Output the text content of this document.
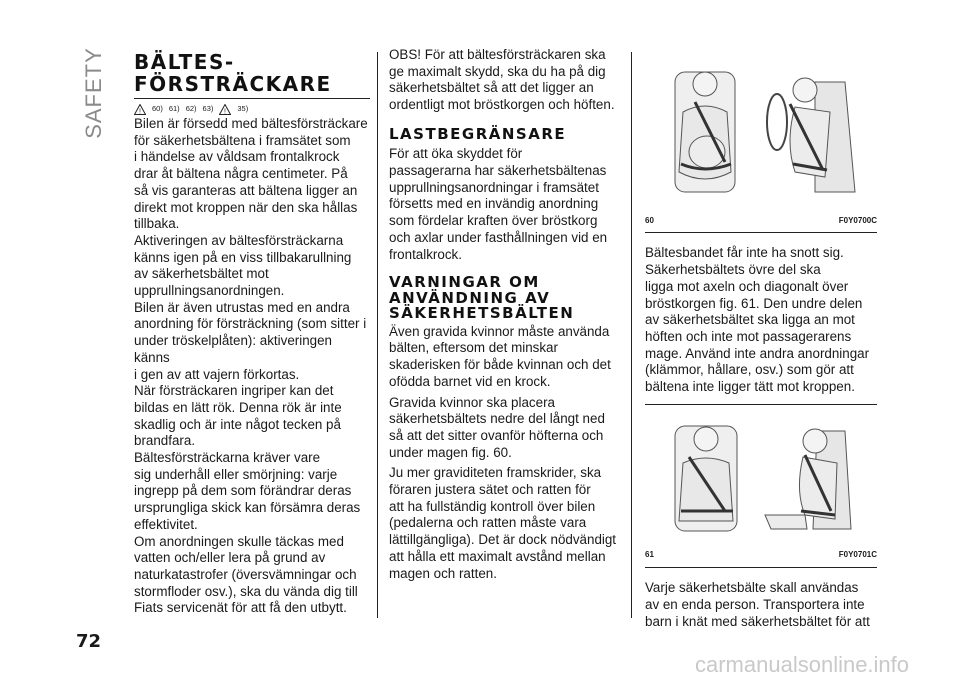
SAFETY BÄLTES-
FÖRSTRÄCKARE
! 60) 61) 62) 63) ! 35)
Bilen är försedd med bältesförsträckare
för säkerhetsbältena i framsätet som
i händelse av våldsam frontalkrock
drar åt bältena några centimeter. På
så vis garanteras att bältena ligger an
direkt mot kroppen när den ska hållas
tillbaka.
Aktiveringen av bältesförsträckarna
känns igen på en viss tillbakarullning
av säkerhetsbältet mot
upprullningsanordningen.
Bilen är även utrustas med en andra
anordning för försträckning (som sitter i
under tröskelplåten): aktiveringen känns
i gen av att vajern förkortas.
När försträckaren ingriper kan det
bildas en lätt rök. Denna rök är inte
skadlig och är inte något tecken på
brandfara.
Bältesförsträckarna kräver vare
sig underhåll eller smörjning: varje
ingrepp på dem som förändrar deras
ursprungliga skick kan försämra deras
effektivitet.
Om anordningen skulle täckas med
vatten och/eller lera på grund av
naturkatastrofer (översvämningar och
stormfloder osv.), ska du vända dig till
Fiats servicenät för att få den utbytt.
OBS! För att bältesförsträckaren ska
ge maximalt skydd, ska du ha på dig
säkerhetsbältet så att det ligger an
ordentligt mot bröstkorgen och höften.
LASTBEGRÄNSARE
För att öka skyddet för
passagerarna har säkerhetsbältenas
upprullningsanordningar i framsätet
försetts med en invändig anordning
som fördelar kraften över bröstkorg
och axlar under fasthållningen vid en
frontalkrock.
VARNINGAR OM
ANVÄNDNING AV
SÄKERHETSBÄLTEN
Även gravida kvinnor måste använda
bälten, eftersom det minskar
skaderisken för både kvinnan och det
ofödda barnet vid en krock.
Gravida kvinnor ska placera
säkerhetsbältets nedre del långt ned
så att det sitter ovanför höfterna och
under magen fig. 60.
Ju mer graviditeten framskrider, ska
föraren justera sätet och ratten för
att ha fullständig kontroll över bilen
(pedalerna och ratten måste vara
lättillgängliga). Det är dock nödvändigt
att hålla ett maximalt avstånd mellan
magen och ratten.
60	F0Y0700C
Bältesbandet får inte ha snott sig.
Säkerhetsbältets övre del ska
ligga mot axeln och diagonalt över
bröstkorgen fig. 61. Den undre delen
av säkerhetsbältet ska ligga an mot
höften och inte mot passagerarens
mage. Använd inte andra anordningar
(klämmor, hållare, osv.) som gör att
bältena inte ligger tätt mot kroppen.
61	F0Y0701C
Varje säkerhetsbälte skall användas
av en enda person. Transportera inte
barn i knät med säkerhetsbältet för att
72
carmanualsonline.info
